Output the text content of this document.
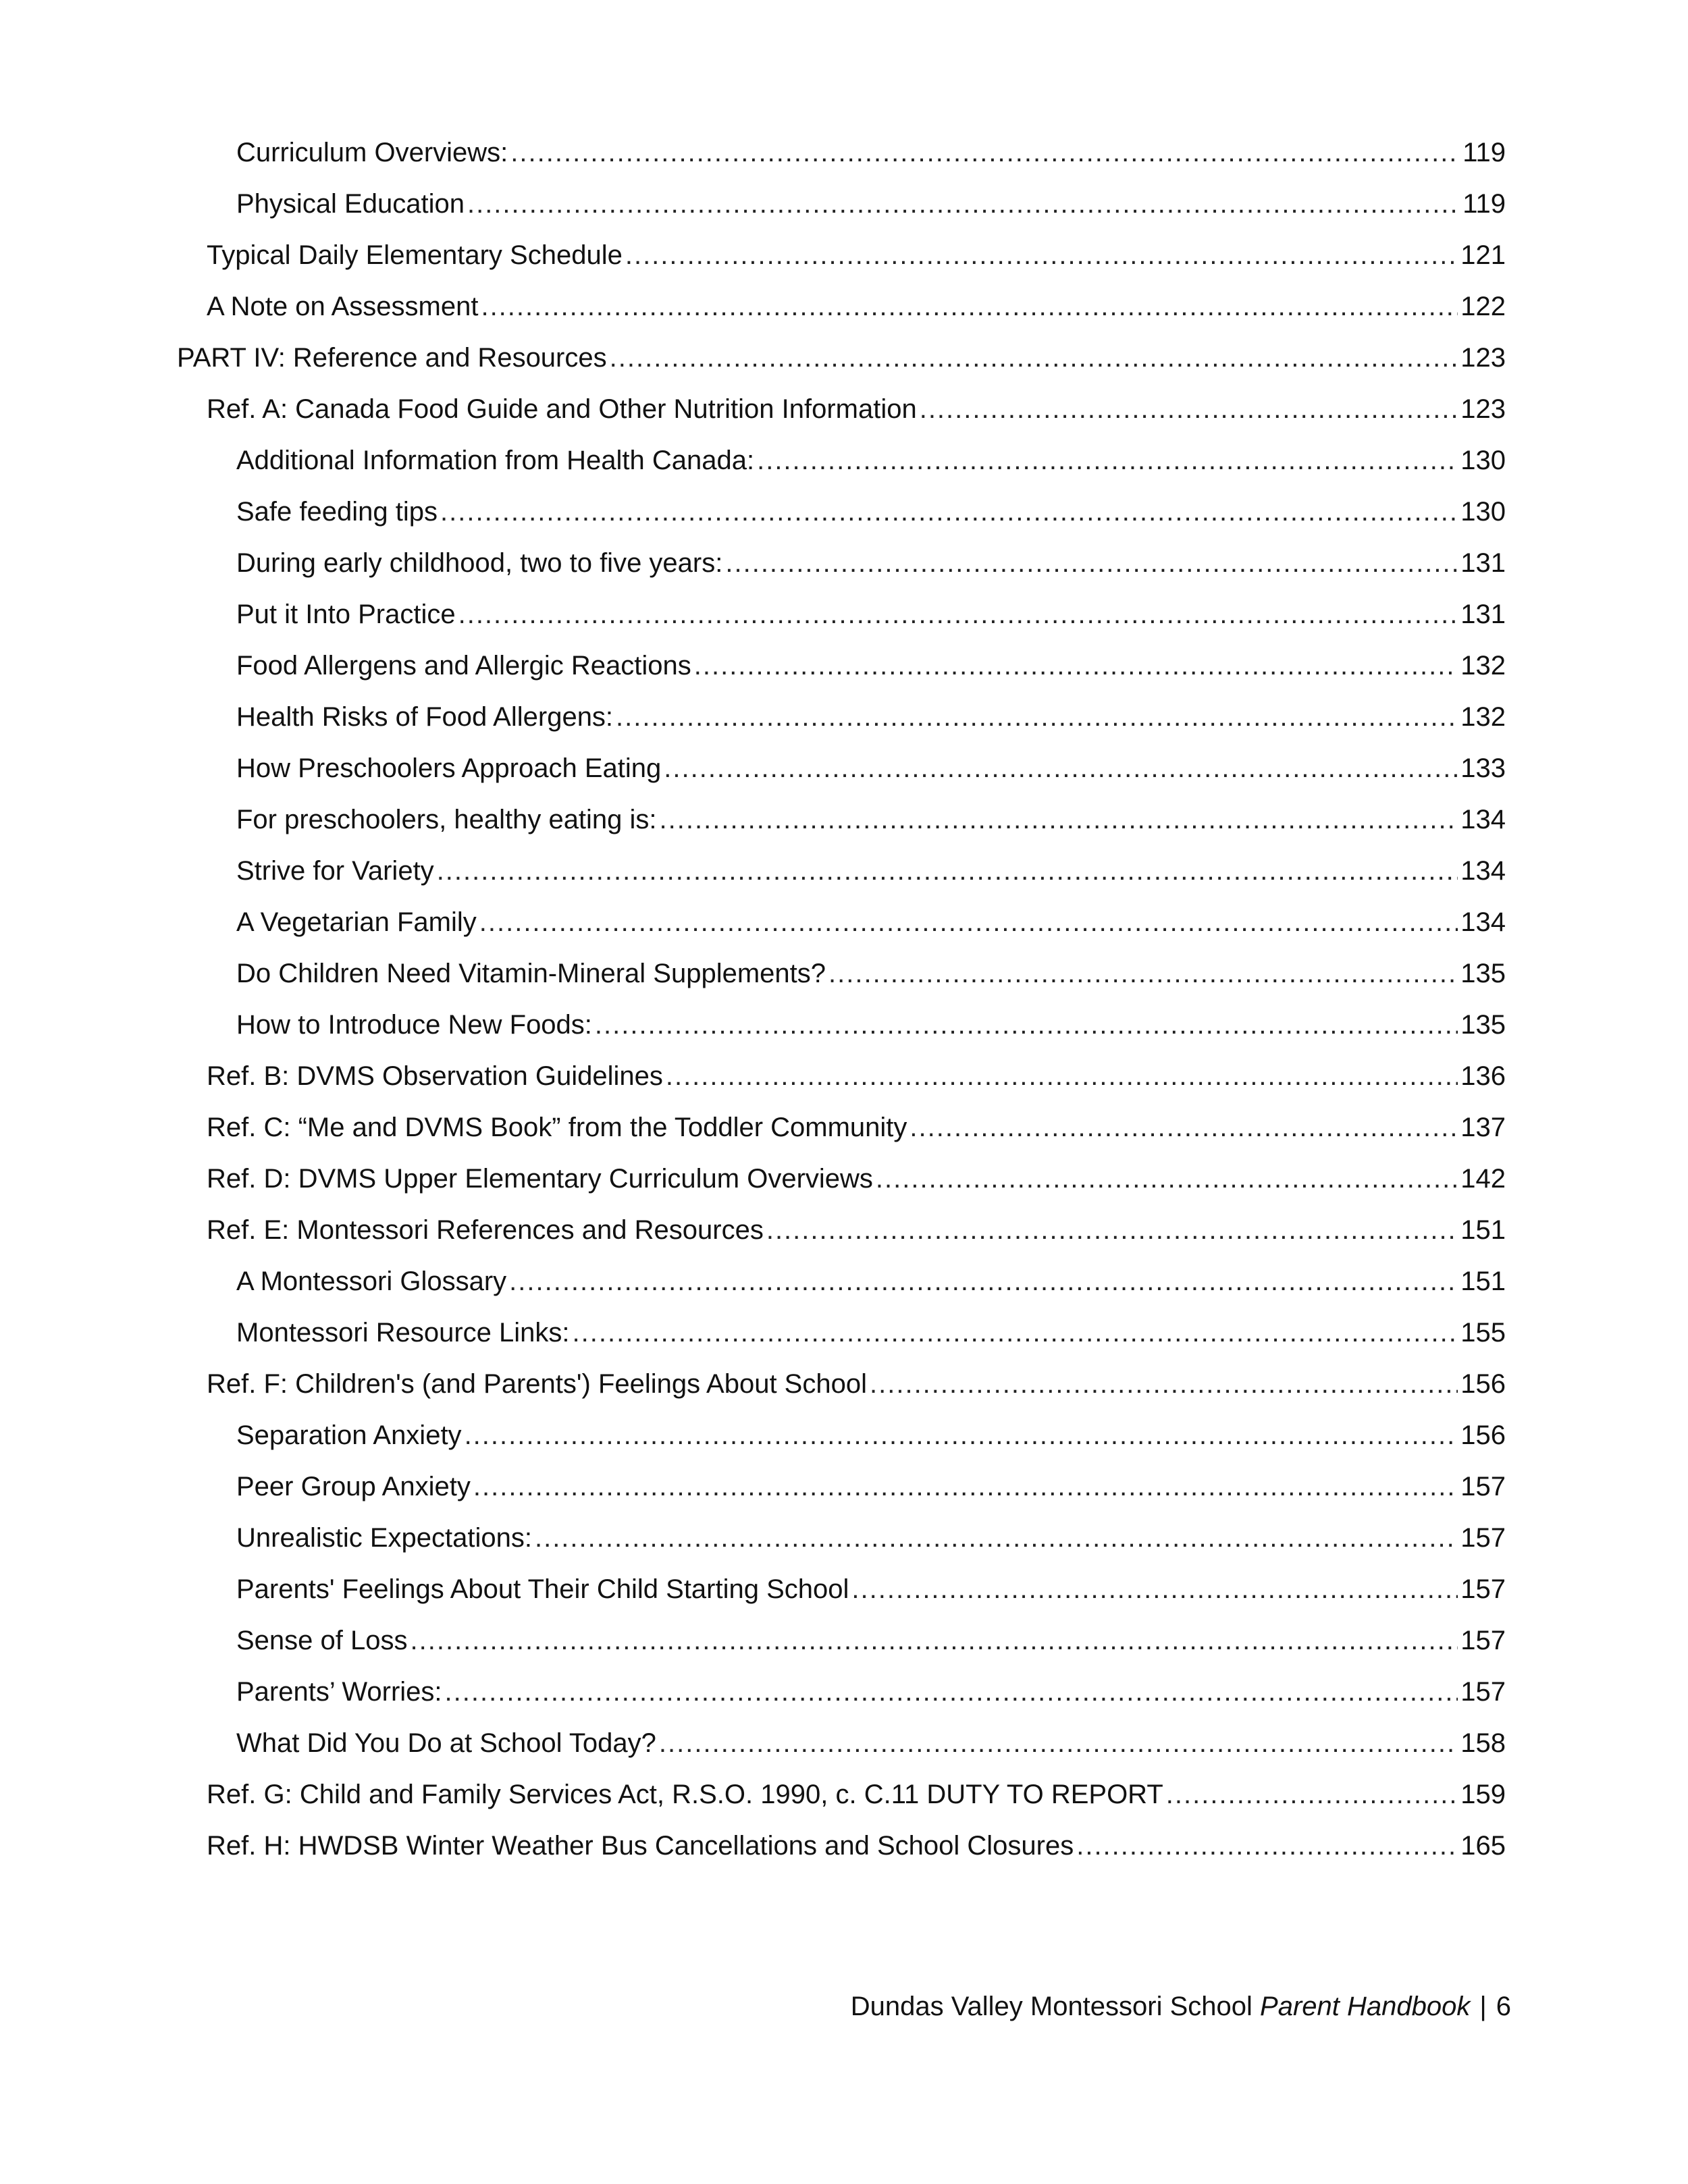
Curriculum Overviews: .....	119
Physical Education .....	119
Typical Daily Elementary Schedule .....	121
A Note on Assessment .....	122
PART IV: Reference and Resources .....	123
Ref. A: Canada Food Guide and Other Nutrition Information .....	123
Additional Information from Health Canada: .....	130
Safe feeding tips .....	130
During early childhood, two to five years: .....	131
Put it Into Practice .....	131
Food Allergens and Allergic Reactions .....	132
Health Risks of Food Allergens: .....	132
How Preschoolers Approach Eating .....	133
For preschoolers, healthy eating is: .....	134
Strive for Variety .....	134
A Vegetarian Family .....	134
Do Children Need Vitamin-Mineral Supplements? .....	135
How to Introduce New Foods: .....	135
Ref. B: DVMS Observation Guidelines .....	136
Ref. C: “Me and DVMS Book” from the Toddler Community .....	137
Ref. D: DVMS Upper Elementary Curriculum Overviews .....	142
Ref. E: Montessori References and Resources .....	151
A Montessori Glossary .....	151
Montessori Resource Links: .....	155
Ref. F: Children's (and Parents') Feelings About School .....	156
Separation Anxiety .....	156
Peer Group Anxiety .....	157
Unrealistic Expectations: .....	157
Parents' Feelings About Their Child Starting School .....	157
Sense of Loss .....	157
Parents’ Worries: .....	157
What Did You Do at School Today? .....	158
Ref. G: Child and Family Services Act, R.S.O. 1990, c. C.11 DUTY TO REPORT .....	159
Ref. H: HWDSB Winter Weather Bus Cancellations and School Closures .....	165
Dundas Valley Montessori School Parent Handbook | 6
